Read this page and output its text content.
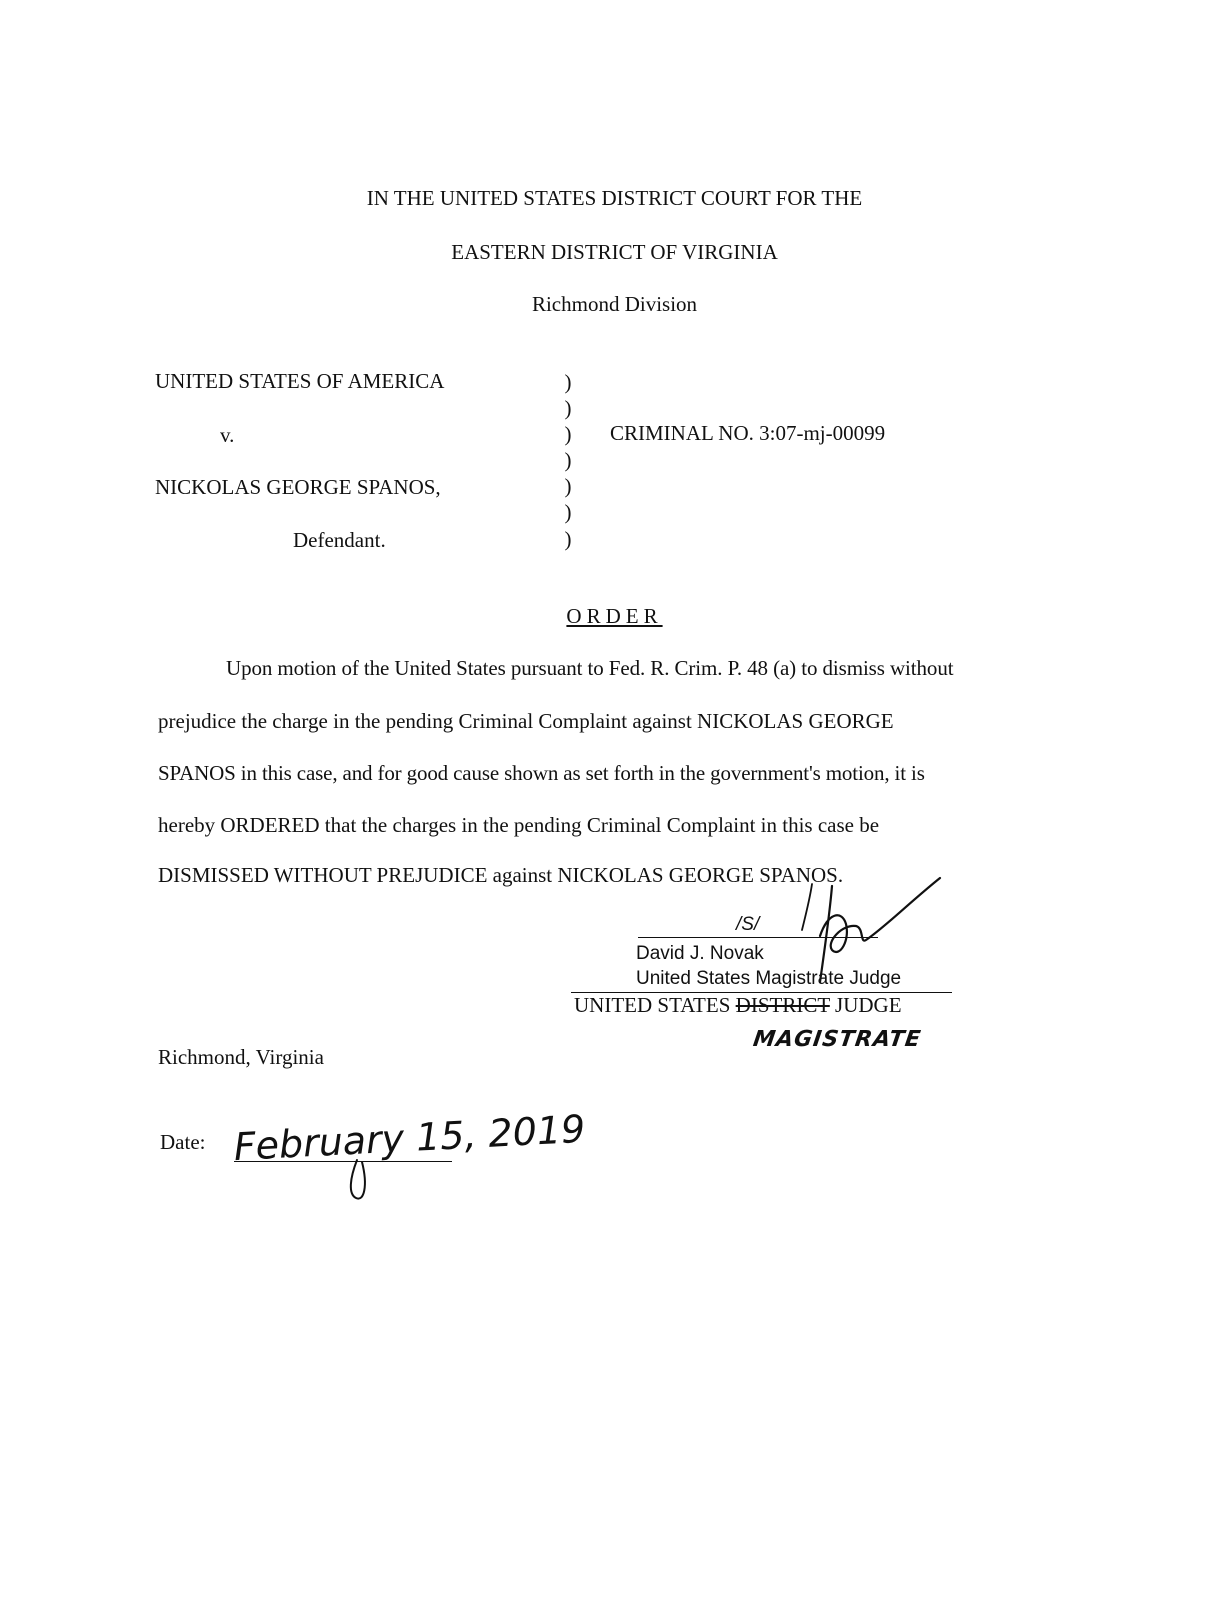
IN THE UNITED STATES DISTRICT COURT FOR THE
EASTERN DISTRICT OF VIRGINIA
Richmond Division
UNITED STATES OF AMERICA
v.
NICKOLAS GEORGE SPANOS,
Defendant.
CRIMINAL NO. 3:07-mj-00099
)
)
)
)
)
)
)
ORDER
Upon motion of the United States pursuant to Fed. R. Crim. P. 48 (a) to dismiss without
prejudice the charge in the pending Criminal Complaint against NICKOLAS GEORGE
SPANOS in this case, and for good cause shown as set forth in the government's motion, it is
hereby ORDERED that the charges in the pending Criminal Complaint in this case be
DISMISSED WITHOUT PREJUDICE against NICKOLAS GEORGE SPANOS.
/S/
David J. Novak
United States Magistrate Judge
UNITED STATES DISTRICT JUDGE
MAGISTRATE
Richmond, Virginia
Date: February 15, 2019
